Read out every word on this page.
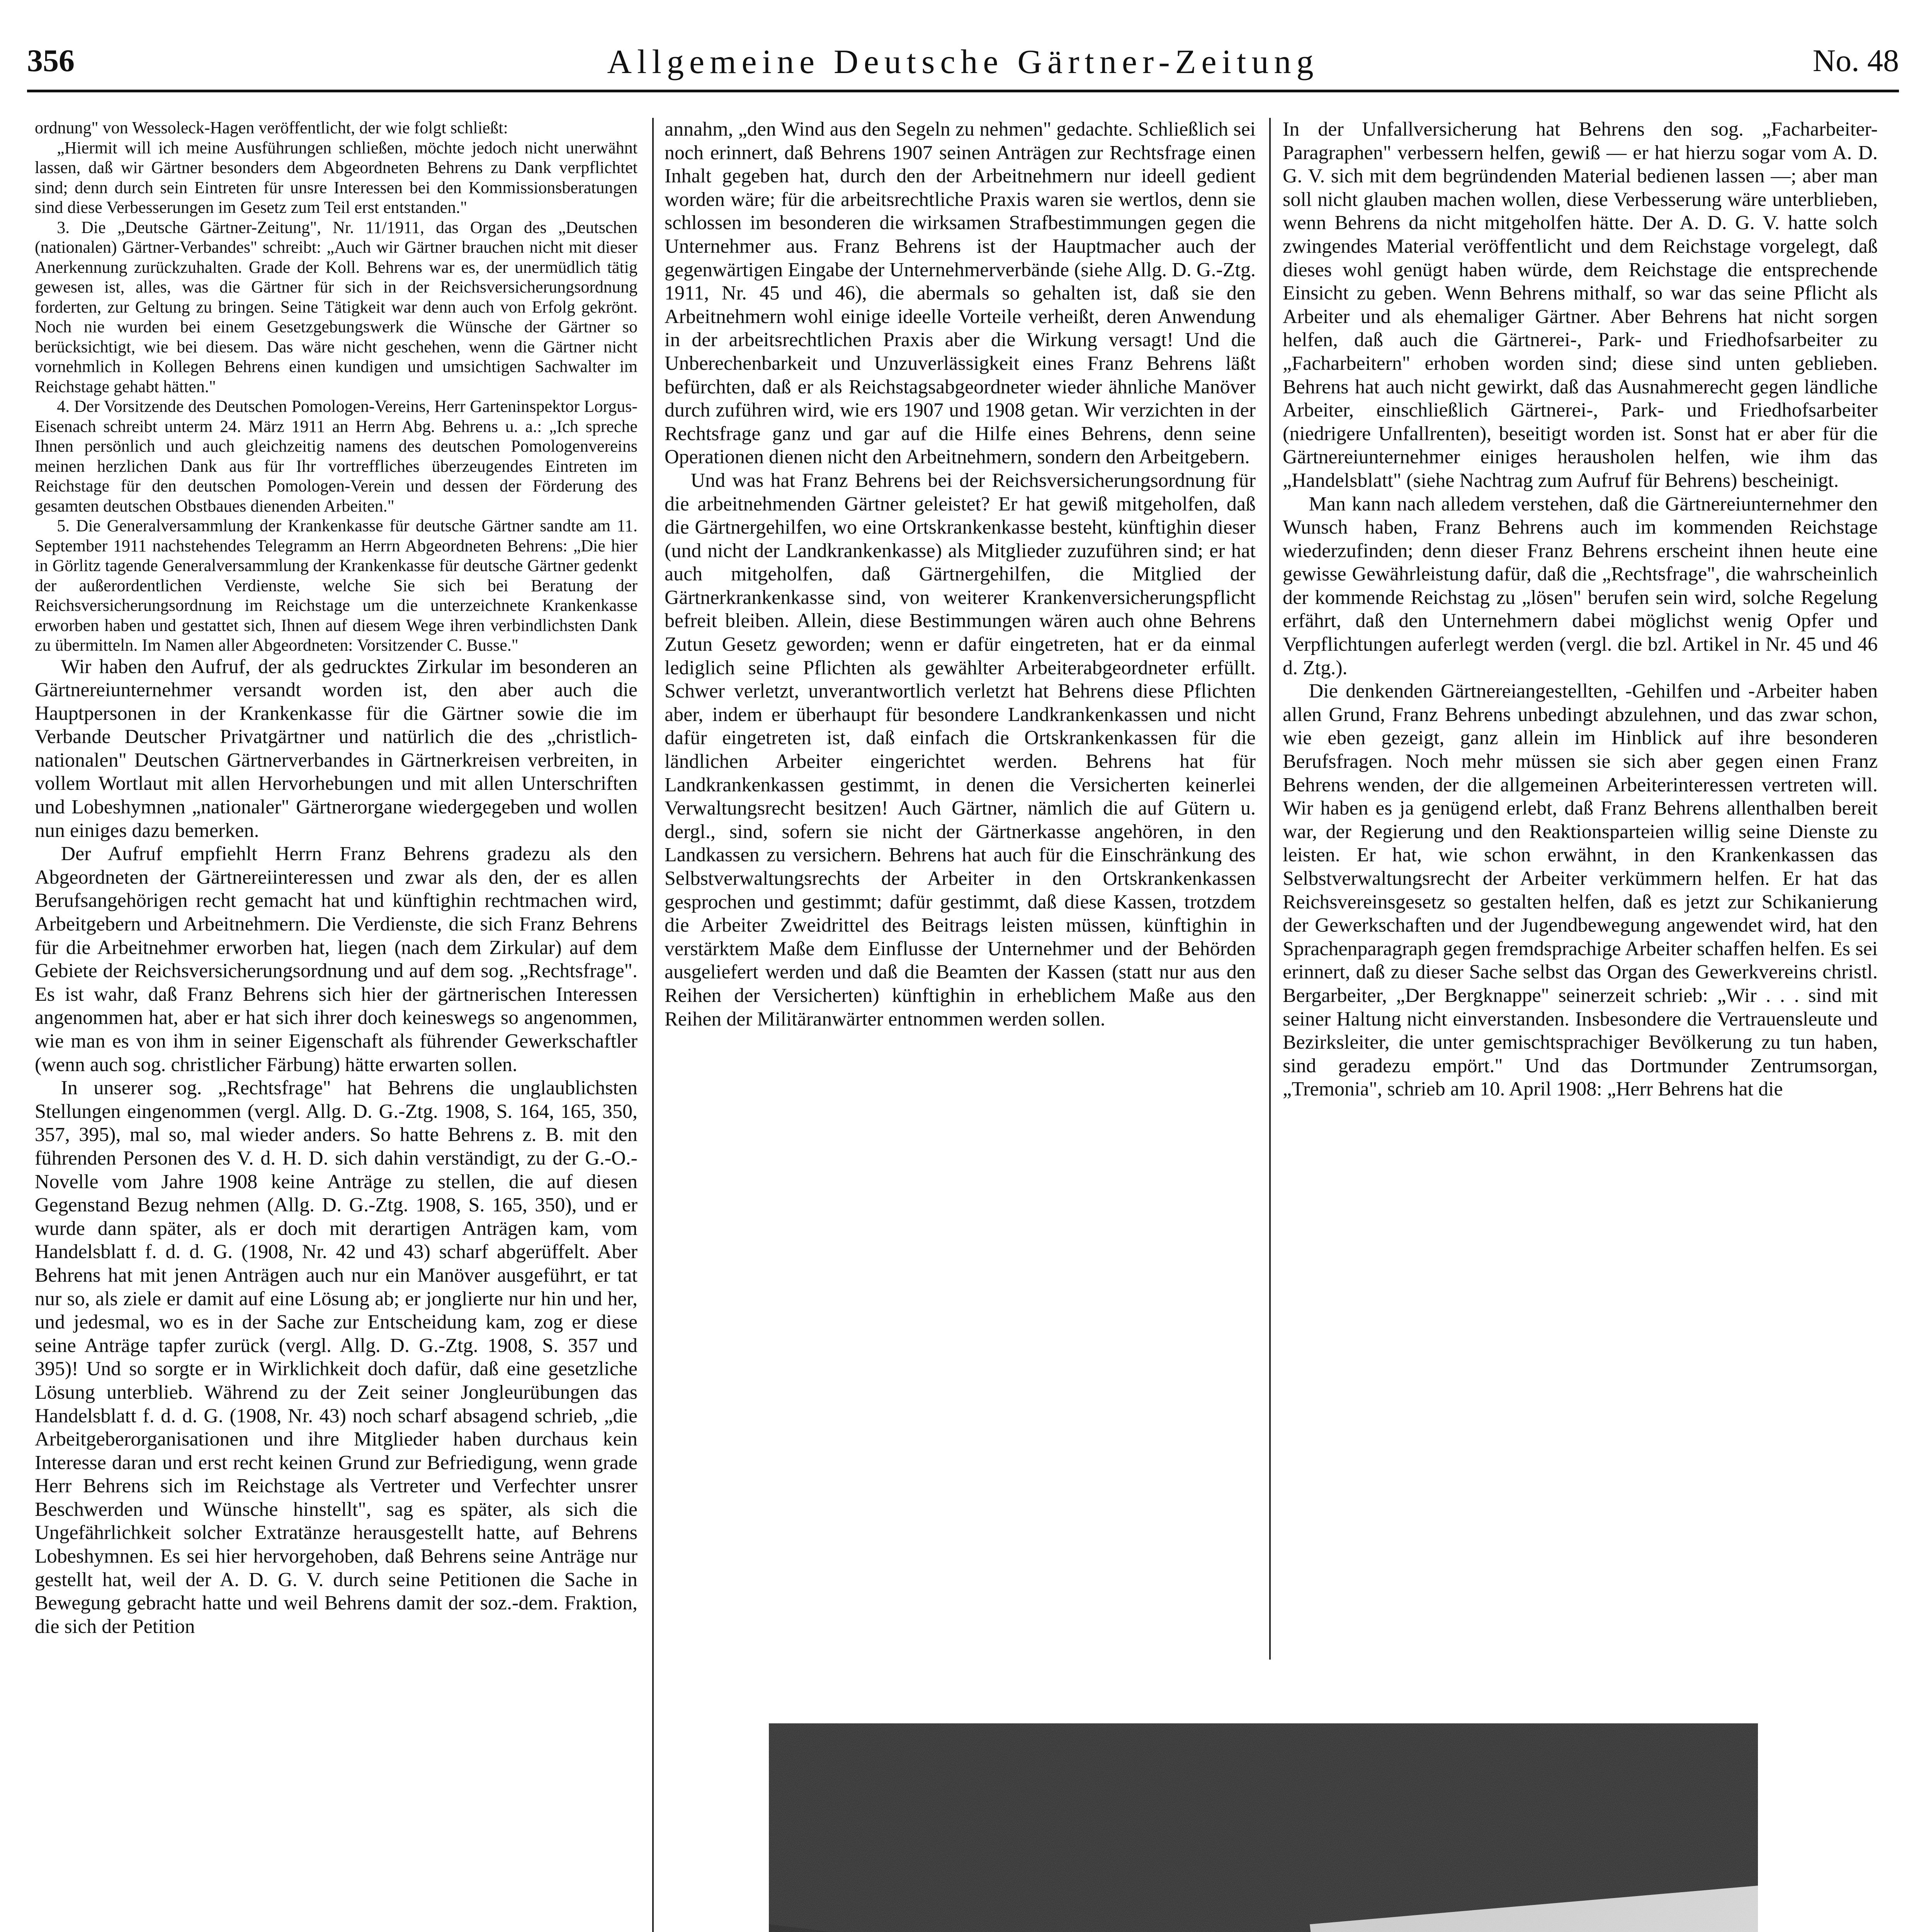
356	Allgemeine Deutsche Gärtner-Zeitung	No. 48

ordnung" von Wessoleck-Hagen veröffentlicht, der wie folgt schließt:

„Hiermit will ich meine Ausführungen schließen, möchte jedoch nicht unerwähnt lassen, daß wir Gärtner besonders dem Abgeordneten Behrens zu Dank verpflichtet sind; denn durch sein Eintreten für unsre Interessen bei den Kommissionsberatungen sind diese Verbesserungen im Gesetz zum Teil erst entstanden."

3. Die „Deutsche Gärtner-Zeitung", Nr. 11/1911, das Organ des „Deutschen (nationalen) Gärtner-Verbandes" schreibt: „Auch wir Gärtner brauchen nicht mit dieser Anerkennung zurückzuhalten. Grade der Koll. Behrens war es, der unermüdlich tätig gewesen ist, alles, was die Gärtner für sich in der Reichsversicherungsordnung forderten, zur Geltung zu bringen. Seine Tätigkeit war denn auch von Erfolg gekrönt. Noch nie wurden bei einem Gesetzgebungswerk die Wünsche der Gärtner so berücksichtigt, wie bei diesem. Das wäre nicht geschehen, wenn die Gärtner nicht vornehmlich in Kollegen Behrens einen kundigen und umsichtigen Sachwalter im Reichstage gehabt hätten."

4. Der Vorsitzende des Deutschen Pomologen-Vereins, Herr Garteninspektor Lorgus-Eisenach schreibt unterm 24. März 1911 an Herrn Abg. Behrens u. a.: „Ich spreche Ihnen persönlich und auch gleichzeitig namens des deutschen Pomologenvereins meinen herzlichen Dank aus für Ihr vortreffliches überzeugendes Eintreten im Reichstage für den deutschen Pomologen-Verein und dessen der Förderung des gesamten deutschen Obstbaues dienenden Arbeiten."

5. Die Generalversammlung der Krankenkasse für deutsche Gärtner sandte am 11. September 1911 nachstehendes Telegramm an Herrn Abgeordneten Behrens: „Die hier in Görlitz tagende Generalversammlung der Krankenkasse für deutsche Gärtner gedenkt der außerordentlichen Verdienste, welche Sie sich bei Beratung der Reichsversicherungsordnung im Reichstage um die unterzeichnete Krankenkasse erworben haben und gestattet sich, Ihnen auf diesem Wege ihren verbindlichsten Dank zu übermitteln. Im Namen aller Abgeordneten: Vorsitzender C. Busse."

Wir haben den Aufruf, der als gedrucktes Zirkular im besonderen an Gärtnereiunternehmer versandt worden ist, den aber auch die Hauptpersonen in der Krankenkasse für die Gärtner sowie die im Verbande Deutscher Privatgärtner und natürlich die des „christlich-nationalen" Deutschen Gärtnerverbandes in Gärtnerkreisen verbreiten, in vollem Wortlaut mit allen Hervorhebungen und mit allen Unterschriften und Lobeshymnen „nationaler" Gärtnerorgane wiedergegeben und wollen nun einiges dazu bemerken.

Der Aufruf empfiehlt Herrn Franz Behrens gradezu als den Abgeordneten der Gärtnereiinteressen und zwar als den, der es allen Berufsangehörigen recht gemacht hat und künftighin rechtmachen wird, Arbeitgebern und Arbeitnehmern. Die Verdienste, die sich Franz Behrens für die Arbeitnehmer erworben hat, liegen (nach dem Zirkular) auf dem Gebiete der Reichsversicherungsordnung und auf dem sog. „Rechtsfrage". Es ist wahr, daß Franz Behrens sich hier der gärtnerischen Interessen angenommen hat, aber er hat sich ihrer doch keineswegs so angenommen, wie man es von ihm in seiner Eigenschaft als führender Gewerkschaftler (wenn auch sog. christlicher Färbung) hätte erwarten sollen.

In unserer sog. „Rechtsfrage" hat Behrens die unglaublichsten Stellungen eingenommen (vergl. Allg. D. G.-Ztg. 1908, S. 164, 165, 350, 357, 395), mal so, mal wieder anders. So hatte Behrens z. B. mit den führenden Personen des V. d. H. D. sich dahin verständigt, zu der G.-O.-Novelle vom Jahre 1908 keine Anträge zu stellen, die auf diesen Gegenstand Bezug nehmen (Allg. D. G.-Ztg. 1908, S. 165, 350), und er wurde dann später, als er doch mit derartigen Anträgen kam, vom Handelsblatt f. d. d. G. (1908, Nr. 42 und 43) scharf abgerüffelt. Aber Behrens hat mit jenen Anträgen auch nur ein Manöver ausgeführt, er tat nur so, als ziele er damit auf eine Lösung ab; er jonglierte nur hin und her, und jedesmal, wo es in der Sache zur Entscheidung kam, zog er diese seine Anträge tapfer zurück (vergl. Allg. D. G.-Ztg. 1908, S. 357 und 395)! Und so sorgte er in Wirklichkeit doch dafür, daß eine gesetzliche Lösung unterblieb. Während zu der Zeit seiner Jongleurübungen das Handelsblatt f. d. d. G. (1908, Nr. 43) noch scharf absagend schrieb, „die Arbeitgeberorganisationen und ihre Mitglieder haben durchaus kein Interesse daran und erst recht keinen Grund zur Befriedigung, wenn grade Herr Behrens sich im Reichstage als Vertreter und Verfechter unsrer Beschwerden und Wünsche hinstellt", sag es später, als sich die Ungefährlichkeit solcher Extratänze herausgestellt hatte, auf Behrens Lobeshymnen. Es sei hier hervorgehoben, daß Behrens seine Anträge nur gestellt hat, weil der A. D. G. V. durch seine Petitionen die Sache in Bewegung gebracht hatte und weil Behrens damit der soz.-dem. Fraktion, die sich der Petition

annahm, „den Wind aus den Segeln zu nehmen" gedachte. Schließlich sei noch erinnert, daß Behrens 1907 seinen Anträgen zur Rechtsfrage einen Inhalt gegeben hat, durch den der Arbeitnehmern nur ideell gedient worden wäre; für die arbeitsrechtliche Praxis waren sie wertlos, denn sie schlossen im besonderen die wirksamen Strafbestimmungen gegen die Unternehmer aus. Franz Behrens ist der Hauptmacher auch der gegenwärtigen Eingabe der Unternehmerverbände (siehe Allg. D. G.-Ztg. 1911, Nr. 45 und 46), die abermals so gehalten ist, daß sie den Arbeitnehmern wohl einige ideelle Vorteile verheißt, deren Anwendung in der arbeitsrechtlichen Praxis aber die Wirkung versagt! Und die Unberechenbarkeit und Unzuverlässigkeit eines Franz Behrens läßt befürchten, daß er als Reichstagsabgeordneter wieder ähnliche Manöver durch zuführen wird, wie ers 1907 und 1908 getan. Wir verzichten in der Rechtsfrage ganz und gar auf die Hilfe eines Behrens, denn seine Operationen dienen nicht den Arbeitnehmern, sondern den Arbeitgebern.

Und was hat Franz Behrens bei der Reichsversicherungsordnung für die arbeitnehmenden Gärtner geleistet? Er hat gewiß mitgeholfen, daß die Gärtnergehilfen, wo eine Ortskrankenkasse besteht, künftighin dieser (und nicht der Landkrankenkasse) als Mitglieder zuzuführen sind; er hat auch mitgeholfen, daß Gärtnergehilfen, die Mitglied der Gärtnerkrankenkasse sind, von weiterer Krankenversicherungspflicht befreit bleiben. Allein, diese Bestimmungen wären auch ohne Behrens Zutun Gesetz geworden; wenn er dafür eingetreten, hat er da einmal lediglich seine Pflichten als gewählter Arbeiterabgeordneter erfüllt. Schwer verletzt, unverantwortlich verletzt hat Behrens diese Pflichten aber, indem er überhaupt für besondere Landkrankenkassen und nicht dafür eingetreten ist, daß einfach die Ortskrankenkassen für die ländlichen Arbeiter eingerichtet werden. Behrens hat für Landkrankenkassen gestimmt, in denen die Versicherten keinerlei Verwaltungsrecht besitzen! Auch Gärtner, nämlich die auf Gütern u. dergl., sind, sofern sie nicht der Gärtnerkasse angehören, in den Landkassen zu versichern. Behrens hat auch für die Einschränkung des Selbstverwaltungsrechts der Arbeiter in den Ortskrankenkassen gesprochen und gestimmt; dafür gestimmt, daß diese Kassen, trotzdem die Arbeiter Zweidrittel des Beitrags leisten müssen, künftighin in verstärktem Maße dem Einflusse der Unternehmer und der Behörden ausgeliefert werden und daß die Beamten der Kassen (statt nur aus den Reihen der Versicherten) künftighin in erheblichem Maße aus den Reihen der Militäranwärter entnommen werden sollen.

In der Unfallversicherung hat Behrens den sog. „Facharbeiter-Paragraphen" verbessern helfen, gewiß — er hat hierzu sogar vom A. D. G. V. sich mit dem begründenden Material bedienen lassen —; aber man soll nicht glauben machen wollen, diese Verbesserung wäre unterblieben, wenn Behrens da nicht mitgeholfen hätte. Der A. D. G. V. hatte solch zwingendes Material veröffentlicht und dem Reichstage vorgelegt, daß dieses wohl genügt haben würde, dem Reichstage die entsprechende Einsicht zu geben. Wenn Behrens mithalf, so war das seine Pflicht als Arbeiter und als ehemaliger Gärtner. Aber Behrens hat nicht sorgen helfen, daß auch die Gärtnerei-, Park- und Friedhofsarbeiter zu „Facharbeitern" erhoben worden sind; diese sind unten geblieben. Behrens hat auch nicht gewirkt, daß das Ausnahmerecht gegen ländliche Arbeiter, einschließlich Gärtnerei-, Park- und Friedhofsarbeiter (niedrigere Unfallrenten), beseitigt worden ist. Sonst hat er aber für die Gärtnereiunternehmer einiges herausholen helfen, wie ihm das „Handelsblatt" (siehe Nachtrag zum Aufruf für Behrens) bescheinigt.

Man kann nach alledem verstehen, daß die Gärtnereiunternehmer den Wunsch haben, Franz Behrens auch im kommenden Reichstage wiederzufinden; denn dieser Franz Behrens erscheint ihnen heute eine gewisse Gewährleistung dafür, daß die „Rechtsfrage", die wahrscheinlich der kommende Reichstag zu „lösen" berufen sein wird, solche Regelung erfährt, daß den Unternehmern dabei möglichst wenig Opfer und Verpflichtungen auferlegt werden (vergl. die bzl. Artikel in Nr. 45 und 46 d. Ztg.).

Die denkenden Gärtnereiangestellten, -Gehilfen und -Arbeiter haben allen Grund, Franz Behrens unbedingt abzulehnen, und das zwar schon, wie eben gezeigt, ganz allein im Hinblick auf ihre besonderen Berufsfragen. Noch mehr müssen sie sich aber gegen einen Franz Behrens wenden, der die allgemeinen Arbeiterinteressen vertreten will. Wir haben es ja genügend erlebt, daß Franz Behrens allenthalben bereit war, der Regierung und den Reaktionsparteien willig seine Dienste zu leisten. Er hat, wie schon erwähnt, in den Krankenkassen das Selbstverwaltungsrecht der Arbeiter verkümmern helfen. Er hat das Reichsvereinsgesetz so gestalten helfen, daß es jetzt zur Schikanierung der Gewerkschaften und der Jugendbewegung angewendet wird, hat den Sprachenparagraph gegen fremdsprachige Arbeiter schaffen helfen. Es sei erinnert, daß zu dieser Sache selbst das Organ des Gewerkvereins christl. Bergarbeiter, „Der Bergknappe" seinerzeit schrieb: „Wir . . . sind mit seiner Haltung nicht einverstanden. Insbesondere die Vertrauensleute und Bezirksleiter, die unter gemischtsprachiger Bevölkerung zu tun haben, sind geradezu empört." Und das Dortmunder Zentrumsorgan, „Tremonia", schrieb am 10. April 1908: „Herr Behrens hat die
